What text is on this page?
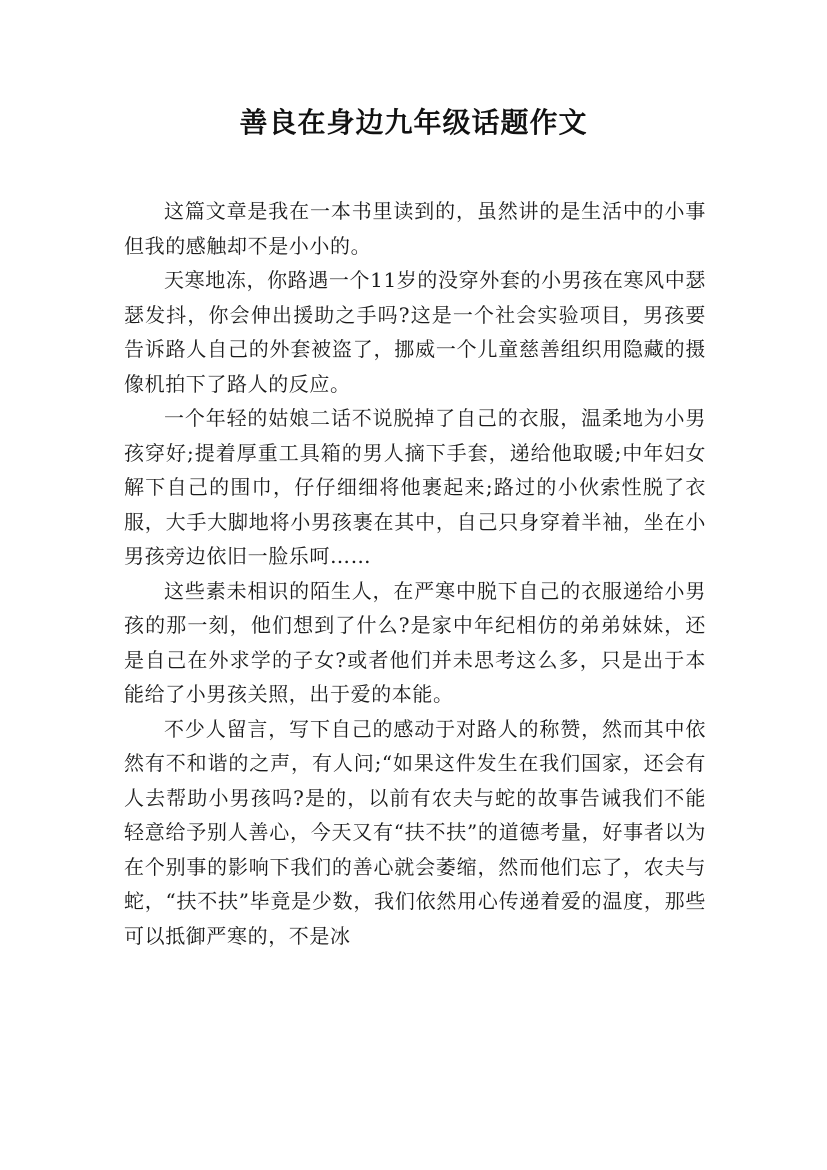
善良在身边九年级话题作文

这篇文章是我在一本书里读到的，虽然讲的是生活中的小事但我的感触却不是小小的。

天寒地冻，你路遇一个11岁的没穿外套的小男孩在寒风中瑟瑟发抖，你会伸出援助之手吗?这是一个社会实验项目，男孩要告诉路人自己的外套被盗了，挪威一个儿童慈善组织用隐藏的摄像机拍下了路人的反应。

一个年轻的姑娘二话不说脱掉了自己的衣服，温柔地为小男孩穿好;提着厚重工具箱的男人摘下手套，递给他取暖;中年妇女解下自己的围巾，仔仔细细将他裹起来;路过的小伙索性脱了衣服，大手大脚地将小男孩裹在其中，自己只身穿着半袖，坐在小男孩旁边依旧一脸乐呵……

这些素未相识的陌生人，在严寒中脱下自己的衣服递给小男孩的那一刻，他们想到了什么?是家中年纪相仿的弟弟妹妹，还是自己在外求学的子女?或者他们并未思考这么多，只是出于本能给了小男孩关照，出于爱的本能。

不少人留言，写下自己的感动于对路人的称赞，然而其中依然有不和谐的之声，有人问;“如果这件发生在我们国家，还会有人去帮助小男孩吗?是的，以前有农夫与蛇的故事告诫我们不能轻意给予别人善心，今天又有“扶不扶”的道德考量，好事者以为在个别事的影响下我们的善心就会萎缩，然而他们忘了，农夫与蛇，“扶不扶”毕竟是少数，我们依然用心传递着爱的温度，那些可以抵御严寒的，不是冰
